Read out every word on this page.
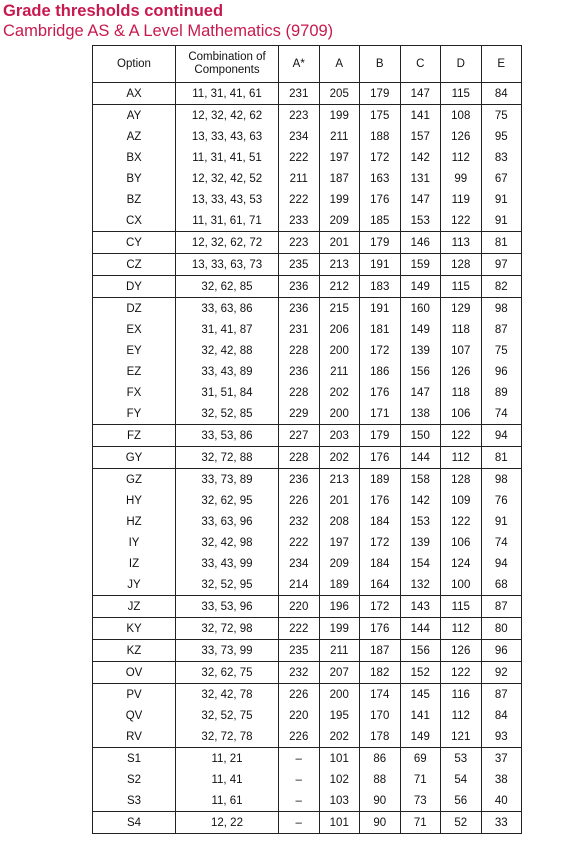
Grade thresholds continued
Cambridge AS & A Level Mathematics (9709)
Option	Combination of Components	A*	A	B	C	D	E
AX	11, 31, 41, 61	231	205	179	147	115	84
AY	12, 32, 42, 62	223	199	175	141	108	75
AZ	13, 33, 43, 63	234	211	188	157	126	95
BX	11, 31, 41, 51	222	197	172	142	112	83
BY	12, 32, 42, 52	211	187	163	131	99	67
BZ	13, 33, 43, 53	222	199	176	147	119	91
CX	11, 31, 61, 71	233	209	185	153	122	91
CY	12, 32, 62, 72	223	201	179	146	113	81
CZ	13, 33, 63, 73	235	213	191	159	128	97
DY	32, 62, 85	236	212	183	149	115	82
DZ	33, 63, 86	236	215	191	160	129	98
EX	31, 41, 87	231	206	181	149	118	87
EY	32, 42, 88	228	200	172	139	107	75
EZ	33, 43, 89	236	211	186	156	126	96
FX	31, 51, 84	228	202	176	147	118	89
FY	32, 52, 85	229	200	171	138	106	74
FZ	33, 53, 86	227	203	179	150	122	94
GY	32, 72, 88	228	202	176	144	112	81
GZ	33, 73, 89	236	213	189	158	128	98
HY	32, 62, 95	226	201	176	142	109	76
HZ	33, 63, 96	232	208	184	153	122	91
IY	32, 42, 98	222	197	172	139	106	74
IZ	33, 43, 99	234	209	184	154	124	94
JY	32, 52, 95	214	189	164	132	100	68
JZ	33, 53, 96	220	196	172	143	115	87
KY	32, 72, 98	222	199	176	144	112	80
KZ	33, 73, 99	235	211	187	156	126	96
OV	32, 62, 75	232	207	182	152	122	92
PV	32, 42, 78	226	200	174	145	116	87
QV	32, 52, 75	220	195	170	141	112	84
RV	32, 72, 78	226	202	178	149	121	93
S1	11, 21	–	101	86	69	53	37
S2	11, 41	–	102	88	71	54	38
S3	11, 61	–	103	90	73	56	40
S4	12, 22	–	101	90	71	52	33
